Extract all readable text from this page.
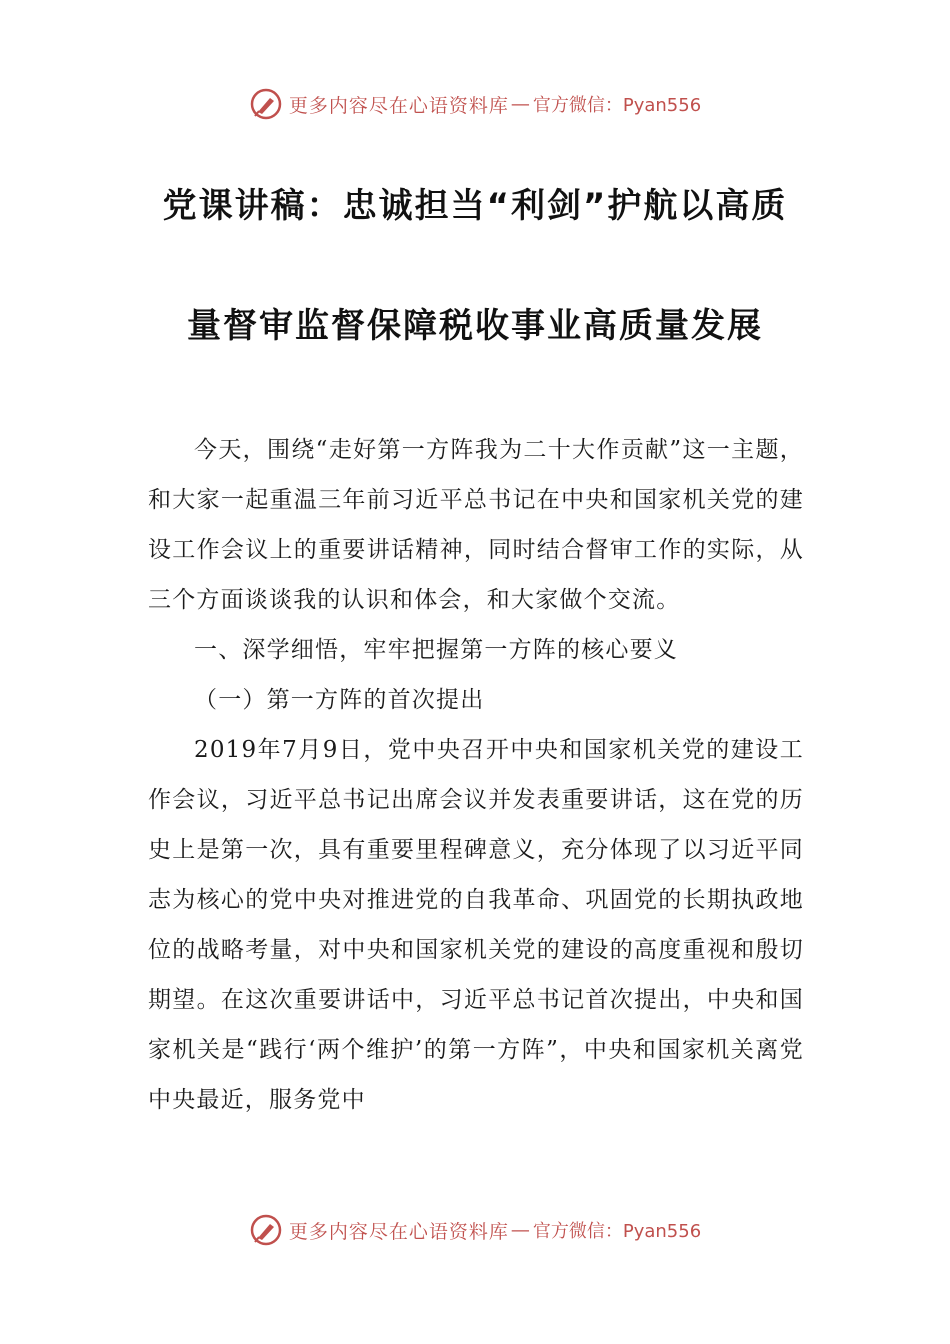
更多内容尽在心语资料库 — 官方微信：Pyan556
党课讲稿：忠诚担当“利剑”护航以高质
量督审监督保障税收事业高质量发展

今天，围绕“走好第一方阵我为二十大作贡献”这一主题，和大家一起重温三年前习近平总书记在中央和国家机关党的建设工作会议上的重要讲话精神，同时结合督审工作的实际，从三个方面谈谈我的认识和体会，和大家做个交流。

一、深学细悟，牢牢把握第一方阵的核心要义

（一）第一方阵的首次提出

2019年7月9日，党中央召开中央和国家机关党的建设工作会议，习近平总书记出席会议并发表重要讲话，这在党的历史上是第一次，具有重要里程碑意义，充分体现了以习近平同志为核心的党中央对推进党的自我革命、巩固党的长期执政地位的战略考量，对中央和国家机关党的建设的高度重视和殷切期望。在这次重要讲话中，习近平总书记首次提出，中央和国家机关是“践行‘两个维护’的第一方阵”，中央和国家机关离党中央最近，服务党中

更多内容尽在心语资料库 — 官方微信：Pyan556
